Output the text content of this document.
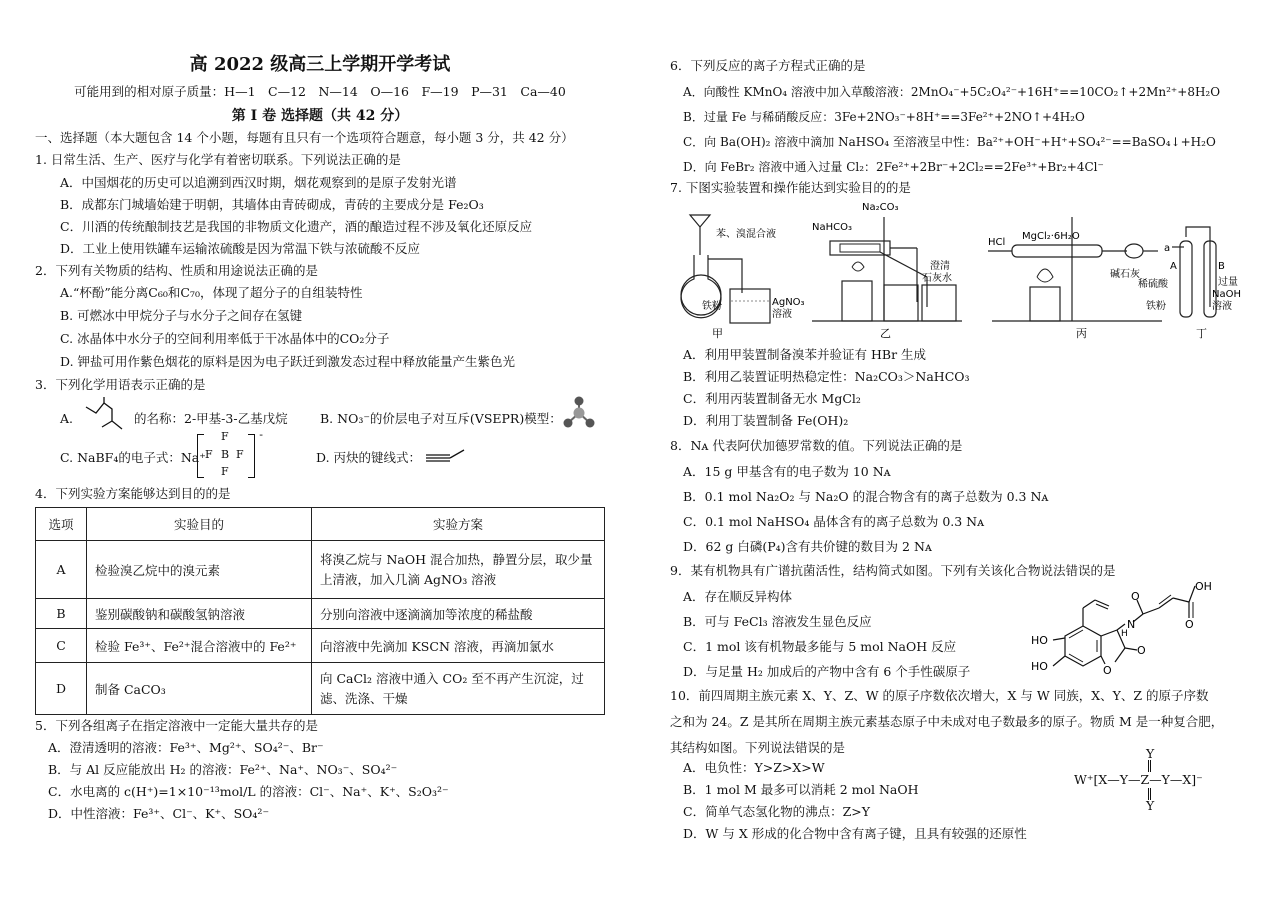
高 2022 级高三上学期开学考试
可能用到的相对原子质量：H—1　C—12　N—14　O—16　F—19　P—31　Ca—40
第 I 卷 选择题（共 42 分）
一、选择题（本大题包含 14 个小题，每题有且只有一个选项符合题意，每小题 3 分，共 42 分）
1. 日常生活、生产、医疗与化学有着密切联系。下列说法正确的是
A．中国烟花的历史可以追溯到西汉时期，烟花观察到的是原子发射光谱
B．成都东门城墙始建于明朝，其墙体由青砖砌成，青砖的主要成分是 Fe₂O₃
C．川酒的传统酿制技艺是我国的非物质文化遗产，酒的酿造过程不涉及氧化还原反应
D．工业上使用铁罐车运输浓硫酸是因为常温下铁与浓硫酸不反应
2．下列有关物质的结构、性质和用途说法正确的是
A.“杯酚”能分离C₆₀和C₇₀，体现了超分子的自组装特性
B. 可燃冰中甲烷分子与水分子之间存在氢键
C. 冰晶体中水分子的空间利用率低于干冰晶体中的CO₂分子
D. 钾盐可用作紫色烟花的原料是因为电子跃迁到激发态过程中释放能量产生紫色光
3．下列化学用语表示正确的是
A.	的名称：2-甲基-3-乙基戊烷	B. NO₃⁻的价层电子对互斥(VSEPR)模型：
C. NaBF₄的电子式：Na⁺
F
F B F
F
-
D. 丙炔的键线式：
4．下列实验方案能够达到目的的是
选项	实验目的	实验方案
A	检验溴乙烷中的溴元素	将溴乙烷与 NaOH 混合加热，静置分层，取少量上清液，加入几滴 AgNO₃ 溶液
B	鉴别碳酸钠和碳酸氢钠溶液	分别向溶液中逐滴滴加等浓度的稀盐酸
C	检验 Fe³⁺、Fe²⁺混合溶液中的 Fe²⁺	向溶液中先滴加 KSCN 溶液，再滴加氯水
D	制备 CaCO₃	向 CaCl₂ 溶液中通入 CO₂ 至不再产生沉淀，过滤、洗涤、干燥
5．下列各组离子在指定溶液中一定能大量共存的是
A．澄清透明的溶液：Fe³⁺、Mg²⁺、SO₄²⁻、Br⁻
B．与 Al 反应能放出 H₂ 的溶液：Fe²⁺、Na⁺、NO₃⁻、SO₄²⁻
C．水电离的 c(H⁺)=1×10⁻¹³mol/L 的溶液：Cl⁻、Na⁺、K⁺、S₂O₃²⁻
D．中性溶液：Fe³⁺、Cl⁻、K⁺、SO₄²⁻
6．下列反应的离子方程式正确的是
A．向酸性 KMnO₄ 溶液中加入草酸溶液：2MnO₄⁻+5C₂O₄²⁻+16H⁺==10CO₂↑+2Mn²⁺+8H₂O
B．过量 Fe 与稀硝酸反应：3Fe+2NO₃⁻+8H⁺==3Fe²⁺+2NO↑+4H₂O
C．向 Ba(OH)₂ 溶液中滴加 NaHSO₄ 至溶液呈中性：Ba²⁺+OH⁻+H⁺+SO₄²⁻==BaSO₄↓+H₂O
D．向 FeBr₂ 溶液中通入过量 Cl₂：2Fe²⁺+2Br⁻+2Cl₂==2Fe³⁺+Br₂+4Cl⁻
7. 下图实验装置和操作能达到实验目的的是
苯、溴混合液
铁粉	AgNO₃
溶液
甲
Na₂CO₃
NaHCO₃
澄清
石灰水
乙
HCl
MgCl₂·6H₂O
碱石灰
丙
a
A	B
稀硫酸
铁粉
过量
NaOH
溶液
丁
A．利用甲装置制备溴苯并验证有 HBr 生成
B．利用乙装置证明热稳定性：Na₂CO₃＞NaHCO₃
C．利用丙装置制备无水 MgCl₂
D．利用丁装置制备 Fe(OH)₂
8．Nᴀ 代表阿伏加德罗常数的值。下列说法正确的是
A．15 g 甲基含有的电子数为 10 Nᴀ
B．0.1 mol Na₂O₂ 与 Na₂O 的混合物含有的离子总数为 0.3 Nᴀ
C．0.1 mol NaHSO₄ 晶体含有的离子总数为 0.3 Nᴀ
D．62 g 白磷(P₄)含有共价键的数目为 2 Nᴀ
9．某有机物具有广谱抗菌活性，结构简式如图。下列有关该化合物说法错误的是
A．存在顺反异构体
B．可与 FeCl₃ 溶液发生显色反应
C．1 mol 该有机物最多能与 5 mol NaOH 反应
D．与足量 H₂ 加成后的产物中含有 6 个手性碳原子
OH
O
O
N
H
HO
HO	O
O
10．前四周期主族元素 X、Y、Z、W 的原子序数依次增大，X 与 W 同族，X、Y、Z 的原子序数
之和为 24。Z 是其所在周期主族元素基态原子中未成对电子数最多的原子。物质 M 是一种复合肥，
其结构如图。下列说法错误的是
A．电负性：Y>Z>X>W
B．1 mol M 最多可以消耗 2 mol NaOH
C．简单气态氢化物的沸点：Z>Y
D．W 与 X 形成的化合物中含有离子键，且具有较强的还原性
Y
W⁺[X—Y—Z—Y—X]⁻
Y
